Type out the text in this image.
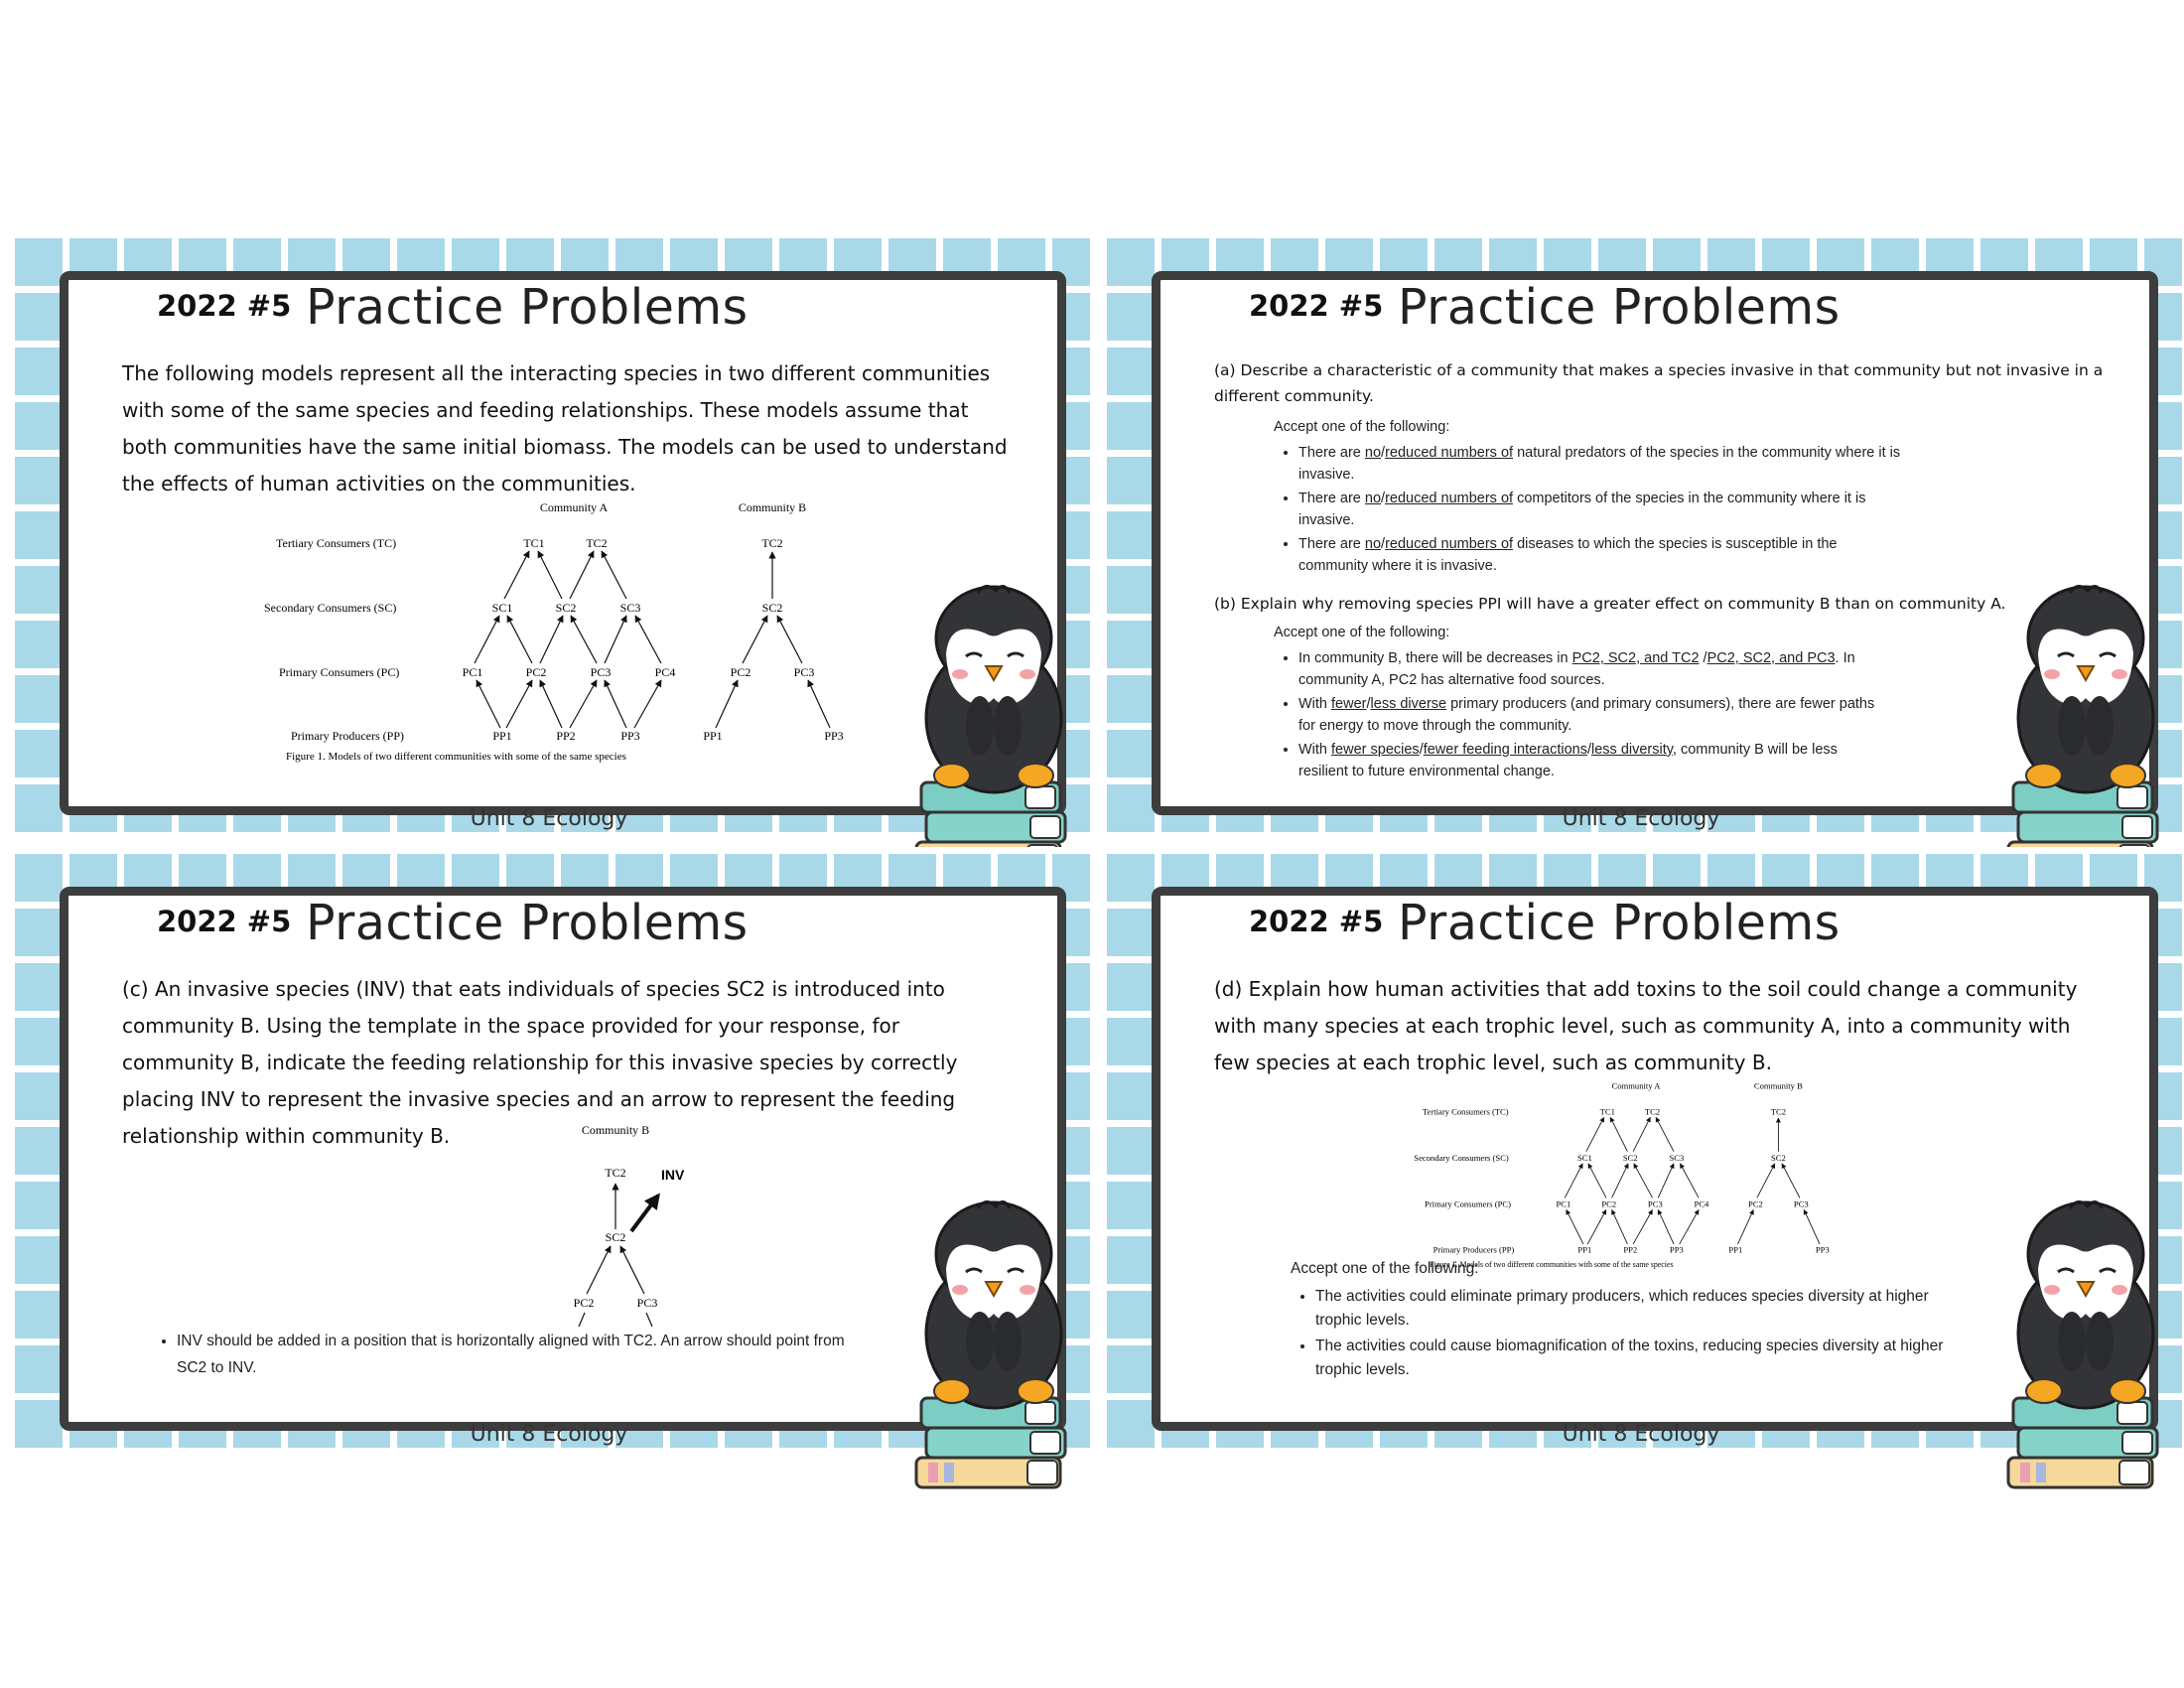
2022 #5 Practice Problems
The following models represent all the interacting species in two different communities with some of the same species and feeding relationships. These models assume that both communities have the same initial biomass. The models can be used to understand the effects of human activities on the communities.
Community A	Community B
Tertiary Consumers (TC)
Secondary Consumers (SC)
Primary Consumers (PC)
Primary Producers (PP)
TC1	TC2
SC1	SC2	SC3
PC1	PC2	PC3	PC4
PP1	PP2	PP3
TC2
SC2
PC2	PC3
PP1	PP3
Figure 1. Models of two different communities with some of the same species
Unit 8 Ecology
2022 #5 Practice Problems
(a) Describe a characteristic of a community that makes a species invasive in that community but not invasive in a different community.
Accept one of the following:
• There are no/reduced numbers of natural predators of the species in the community where it is invasive.
• There are no/reduced numbers of competitors of the species in the community where it is invasive.
• There are no/reduced numbers of diseases to which the species is susceptible in the community where it is invasive.
(b) Explain why removing species PPI will have a greater effect on community B than on community A.
Accept one of the following:
• In community B, there will be decreases in PC2, SC2, and TC2 /PC2, SC2, and PC3. In community A, PC2 has alternative food sources.
• With fewer/less diverse primary producers (and primary consumers), there are fewer paths for energy to move through the community.
• With fewer species/fewer feeding interactions/less diversity, community B will be less resilient to future environmental change.
Unit 8 Ecology
2022 #5 Practice Problems
(c) An invasive species (INV) that eats individuals of species SC2 is introduced into community B. Using the template in the space provided for your response, for community B, indicate the feeding relationship for this invasive species by correctly placing INV to represent the invasive species and an arrow to represent the feeding relationship within community B.	Community B
TC2	INV
SC2
PC2	PC3
• INV should be added in a position that is horizontally aligned with TC2. An arrow should point from SC2 to INV.
Unit 8 Ecology
2022 #5 Practice Problems
(d) Explain how human activities that add toxins to the soil could change a community with many species at each trophic level, such as community A, into a community with few species at each trophic level, such as community B.
Community A	Community B
Tertiary Consumers (TC)
Secondary Consumers (SC)
Primary Consumers (PC)
Primary Producers (PP)
TC1 TC2
SC1	SC2	SC3
PC1	PC2	PC3	PC4
PP1	PP2	PP3
TC2
SC2
PC2	PC3
PP1	PP3
Figure 1. Models of two different communities with some of the same species
Accept one of the following:
• The activities could eliminate primary producers, which reduces species diversity at higher trophic levels.
• The activities could cause biomagnification of the toxins, reducing species diversity at higher trophic levels.
Unit 8 Ecology
